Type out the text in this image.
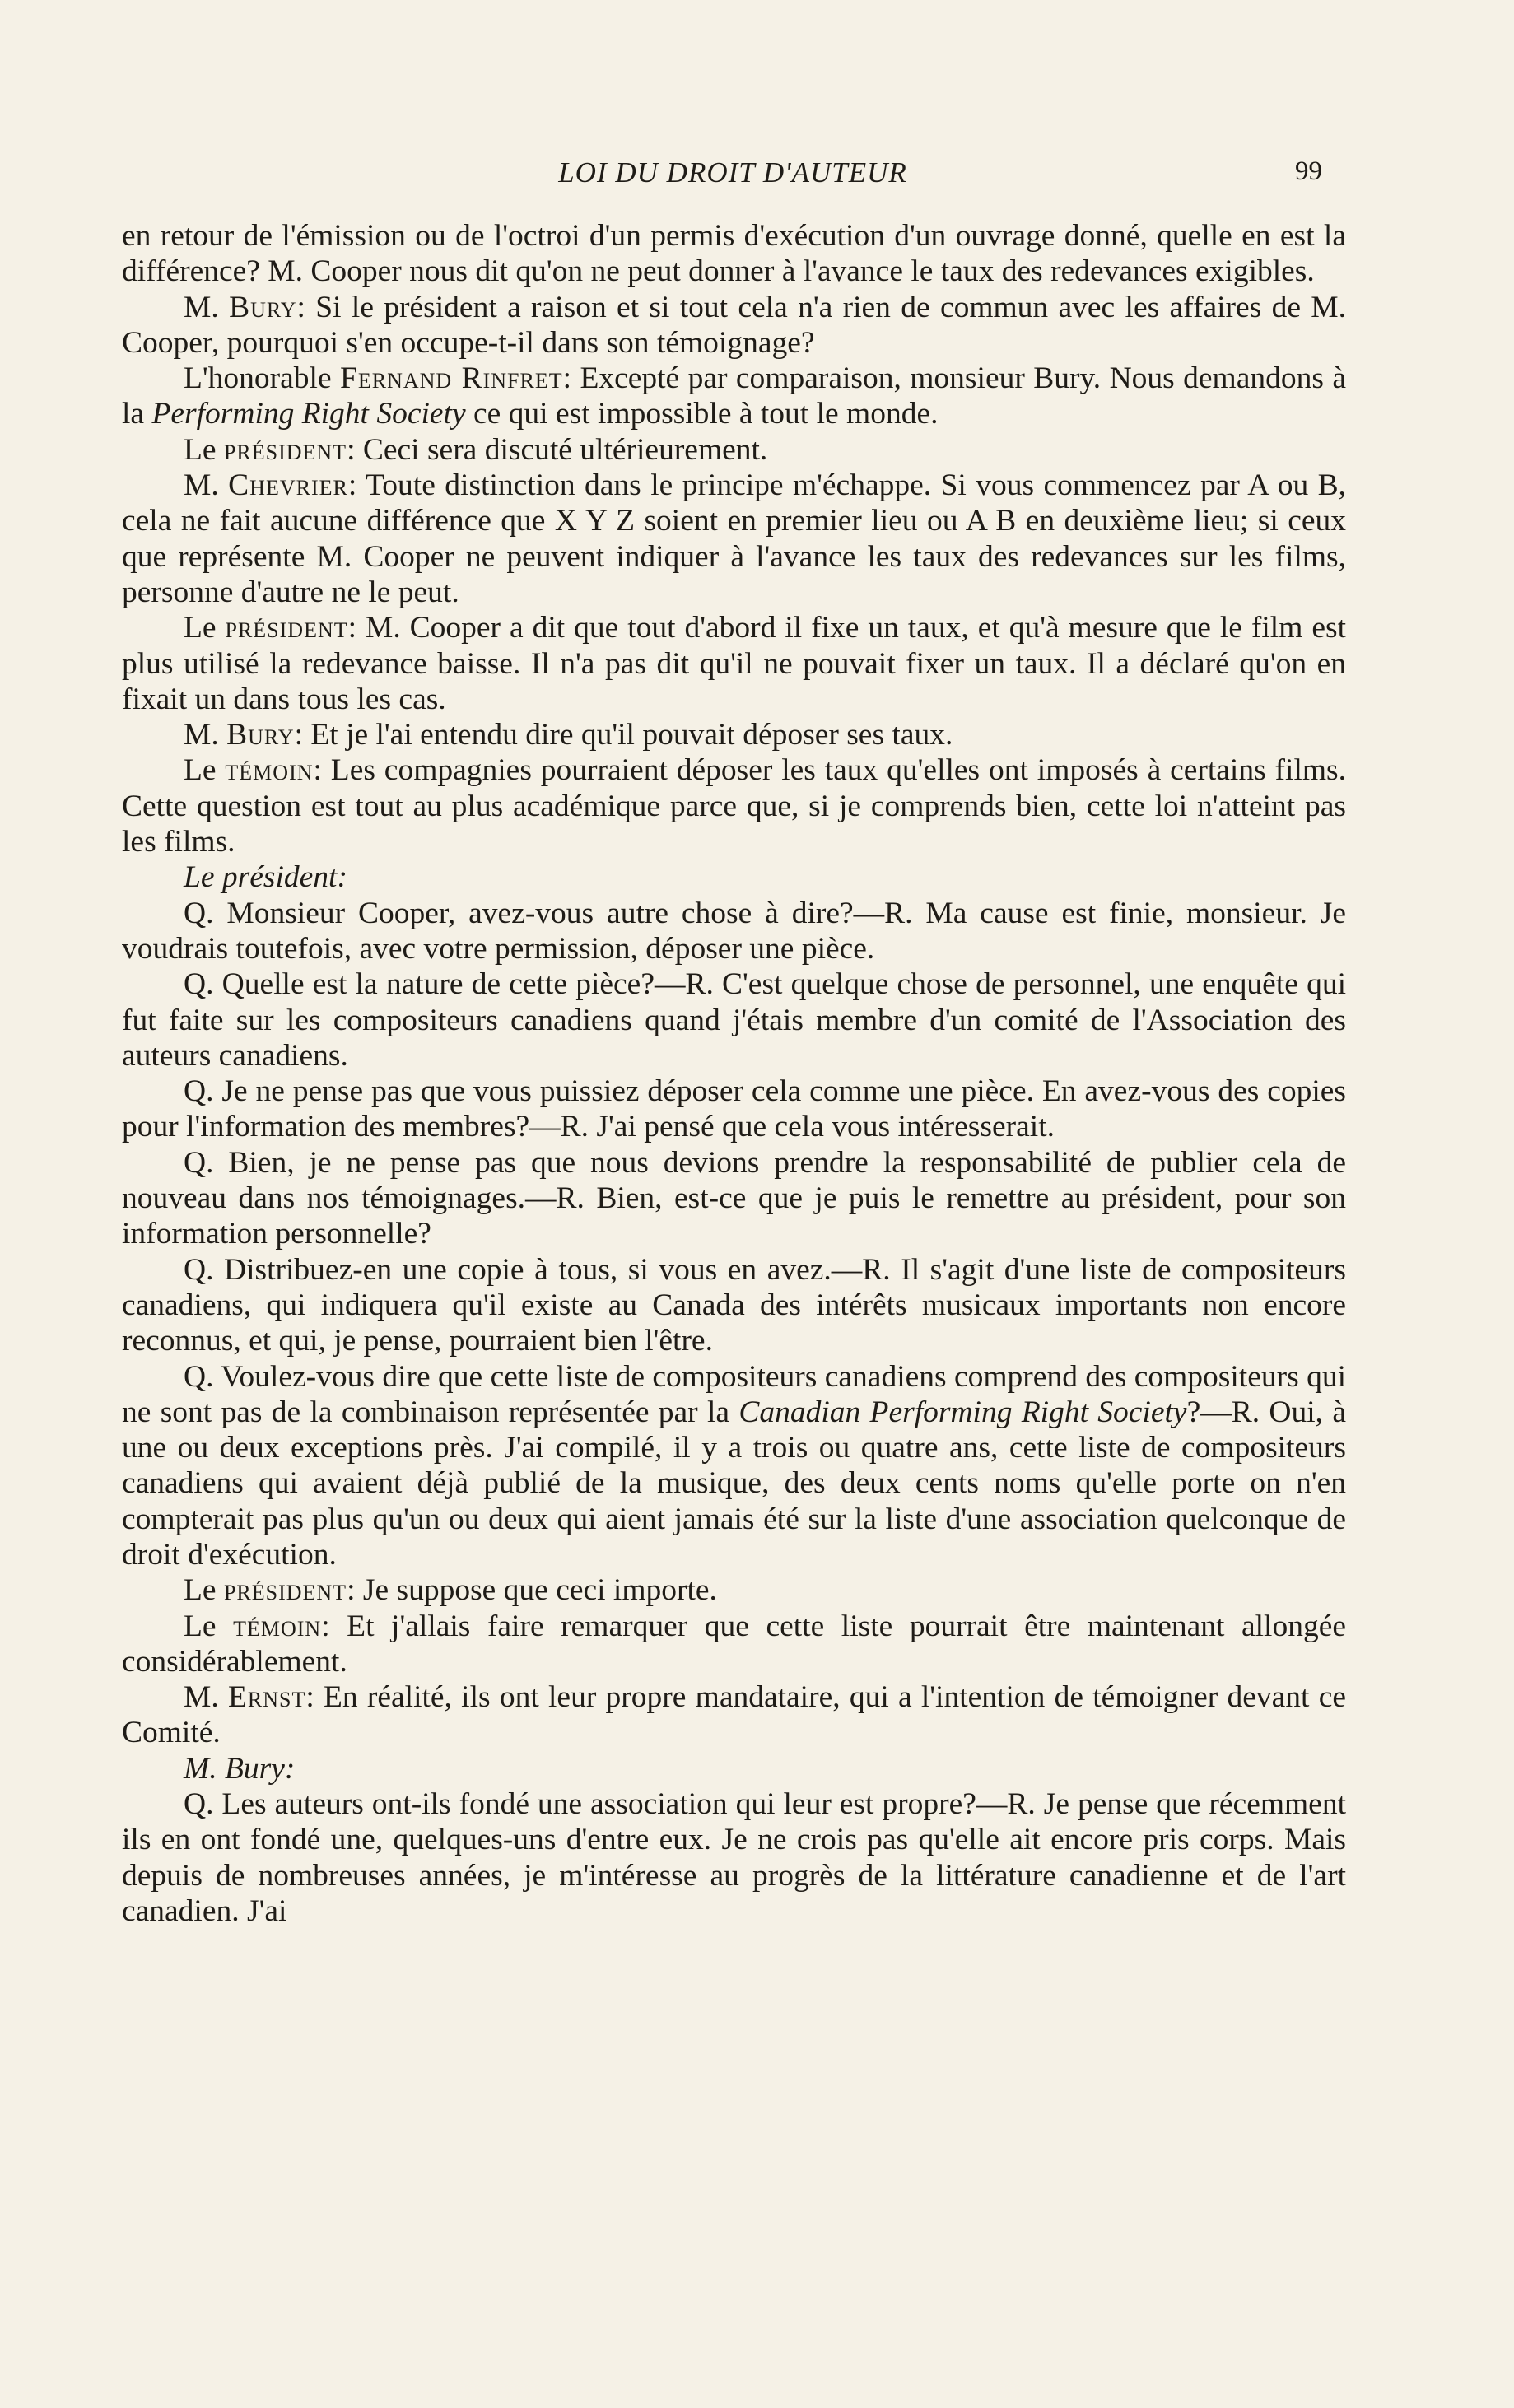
LOI DU DROIT D'AUTEUR	99

en retour de l'émission ou de l'octroi d'un permis d'exécution d'un ouvrage donné, quelle en est la différence? M. Cooper nous dit qu'on ne peut donner à l'avance le taux des redevances exigibles.

M. Bury: Si le président a raison et si tout cela n'a rien de commun avec les affaires de M. Cooper, pourquoi s'en occupe-t-il dans son témoignage?

L'honorable Fernand Rinfret: Excepté par comparaison, monsieur Bury. Nous demandons à la Performing Right Society ce qui est impossible à tout le monde.

Le président: Ceci sera discuté ultérieurement.

M. Chevrier: Toute distinction dans le principe m'échappe. Si vous commencez par A ou B, cela ne fait aucune différence que X Y Z soient en premier lieu ou A B en deuxième lieu; si ceux que représente M. Cooper ne peuvent indiquer à l'avance les taux des redevances sur les films, personne d'autre ne le peut.

Le président: M. Cooper a dit que tout d'abord il fixe un taux, et qu'à mesure que le film est plus utilisé la redevance baisse. Il n'a pas dit qu'il ne pouvait fixer un taux. Il a déclaré qu'on en fixait un dans tous les cas.

M. Bury: Et je l'ai entendu dire qu'il pouvait déposer ses taux.

Le témoin: Les compagnies pourraient déposer les taux qu'elles ont imposés à certains films. Cette question est tout au plus académique parce que, si je comprends bien, cette loi n'atteint pas les films.

Le président:

Q. Monsieur Cooper, avez-vous autre chose à dire?—R. Ma cause est finie, monsieur. Je voudrais toutefois, avec votre permission, déposer une pièce.

Q. Quelle est la nature de cette pièce?—R. C'est quelque chose de personnel, une enquête qui fut faite sur les compositeurs canadiens quand j'étais membre d'un comité de l'Association des auteurs canadiens.

Q. Je ne pense pas que vous puissiez déposer cela comme une pièce. En avez-vous des copies pour l'information des membres?—R. J'ai pensé que cela vous intéresserait.

Q. Bien, je ne pense pas que nous devions prendre la responsabilité de publier cela de nouveau dans nos témoignages.—R. Bien, est-ce que je puis le remettre au président, pour son information personnelle?

Q. Distribuez-en une copie à tous, si vous en avez.—R. Il s'agit d'une liste de compositeurs canadiens, qui indiquera qu'il existe au Canada des intérêts musicaux importants non encore reconnus, et qui, je pense, pourraient bien l'être.

Q. Voulez-vous dire que cette liste de compositeurs canadiens comprend des compositeurs qui ne sont pas de la combinaison représentée par la Canadian Performing Right Society?—R. Oui, à une ou deux exceptions près. J'ai compilé, il y a trois ou quatre ans, cette liste de compositeurs canadiens qui avaient déjà publié de la musique, des deux cents noms qu'elle porte on n'en compterait pas plus qu'un ou deux qui aient jamais été sur la liste d'une association quelconque de droit d'exécution.

Le président: Je suppose que ceci importe.

Le témoin: Et j'allais faire remarquer que cette liste pourrait être maintenant allongée considérablement.

M. Ernst: En réalité, ils ont leur propre mandataire, qui a l'intention de témoigner devant ce Comité.

M. Bury:

Q. Les auteurs ont-ils fondé une association qui leur est propre?—R. Je pense que récemment ils en ont fondé une, quelques-uns d'entre eux. Je ne crois pas qu'elle ait encore pris corps. Mais depuis de nombreuses années, je m'intéresse au progrès de la littérature canadienne et de l'art canadien. J'ai
